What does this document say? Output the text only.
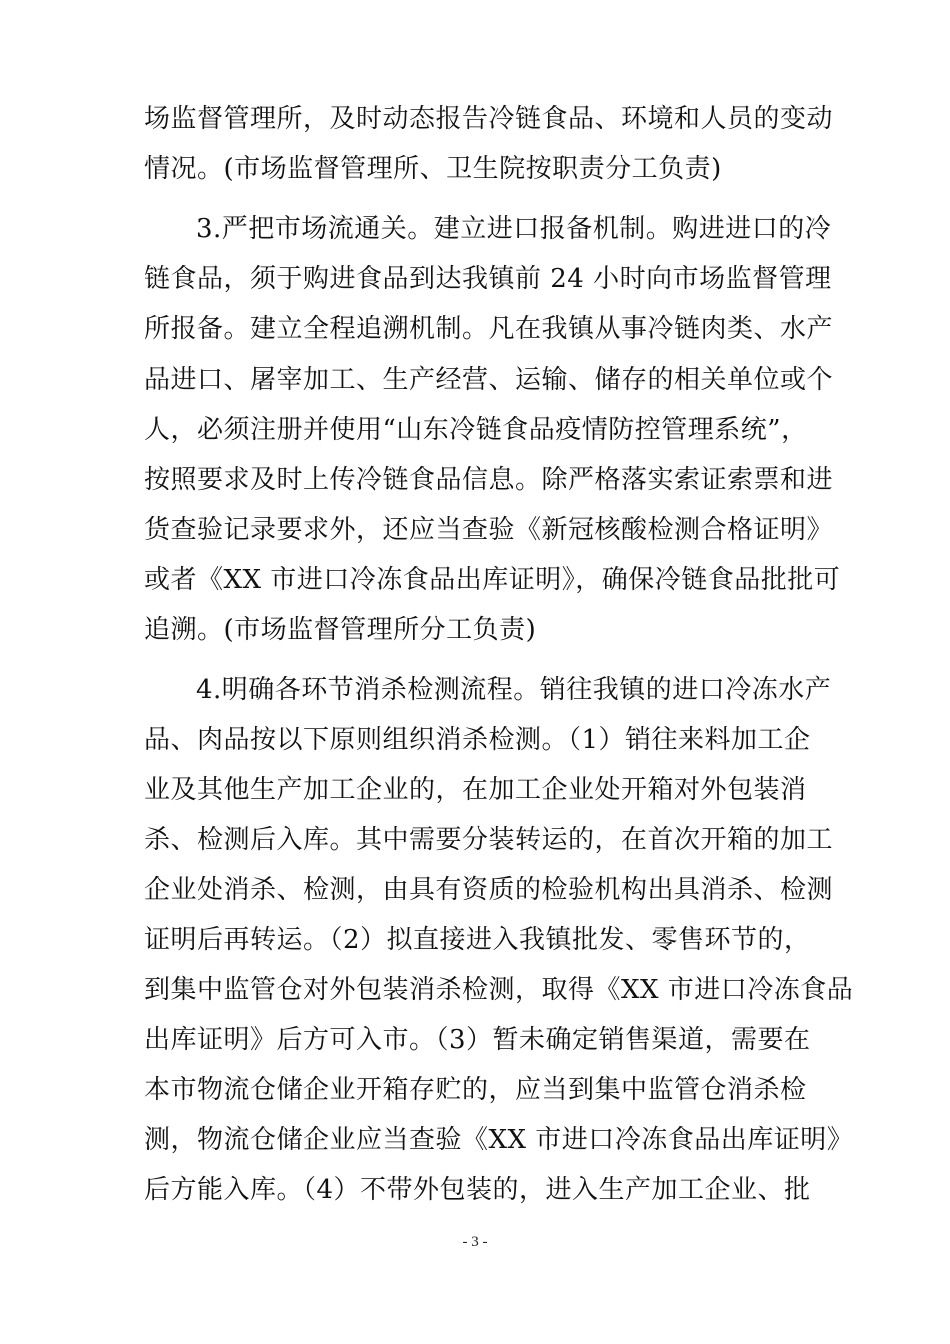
场监督管理所，及时动态报告冷链食品、环境和人员的变动
情况。(市场监督管理所、卫生院按职责分工负责)
3.严把市场流通关。建立进口报备机制。购进进口的冷
链食品，须于购进食品到达我镇前 24 小时向市场监督管理
所报备。建立全程追溯机制。凡在我镇从事冷链肉类、水产
品进口、屠宰加工、生产经营、运输、储存的相关单位或个
人，必须注册并使用“山东冷链食品疫情防控管理系统”，
按照要求及时上传冷链食品信息。除严格落实索证索票和进
货查验记录要求外，还应当查验《新冠核酸检测合格证明》
或者《XX 市进口冷冻食品出库证明》，确保冷链食品批批可
追溯。(市场监督管理所分工负责)
4.明确各环节消杀检测流程。销往我镇的进口冷冻水产
品、肉品按以下原则组织消杀检测。（1）销往来料加工企
业及其他生产加工企业的，在加工企业处开箱对外包装消
杀、检测后入库。其中需要分装转运的，在首次开箱的加工
企业处消杀、检测，由具有资质的检验机构出具消杀、检测
证明后再转运。（2）拟直接进入我镇批发、零售环节的，
到集中监管仓对外包装消杀检测，取得《XX 市进口冷冻食品
出库证明》后方可入市。（3）暂未确定销售渠道，需要在
本市物流仓储企业开箱存贮的，应当到集中监管仓消杀检
测，物流仓储企业应当查验《XX 市进口冷冻食品出库证明》
后方能入库。（4）不带外包装的，进入生产加工企业、批
- 3 -
